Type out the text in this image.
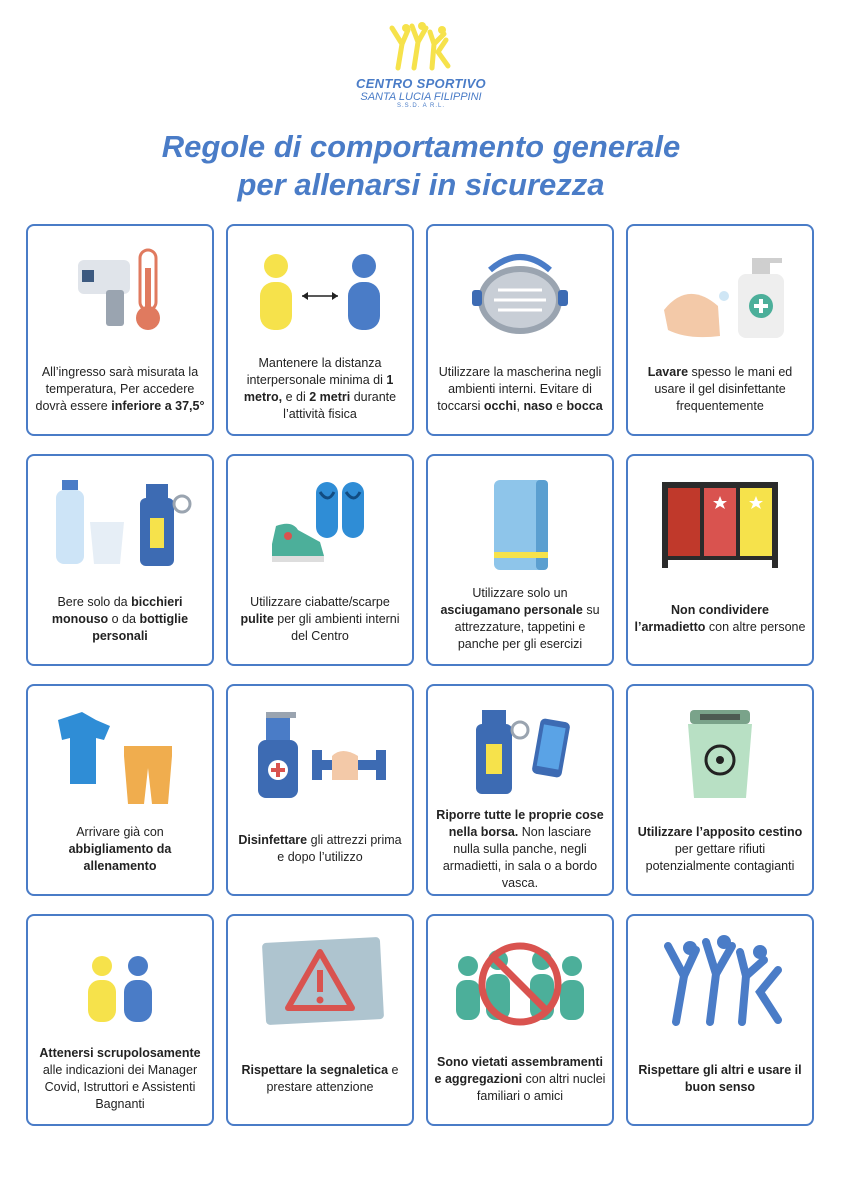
CENTRO SPORTIVO
SANTA LUCIA FILIPPINI
S.S.D. A R.L.
Regole di comportamento generale
per allenarsi in sicurezza
All’ingresso sarà misurata la temperatura, Per accedere dovrà essere inferiore a 37,5°
Mantenere la distanza interpersonale minima di 1 metro, e di 2 metri durante l’attività fisica
Utilizzare la mascherina negli ambienti interni. Evitare di toccarsi occhi, naso e bocca
Lavare spesso le mani ed usare il gel disinfettante frequentemente
Bere solo da bicchieri monouso o da bottiglie personali
Utilizzare ciabatte/scarpe pulite per gli ambienti interni del Centro
Utilizzare solo un asciugamano personale su attrezzature, tappetini e panche per gli esercizi
Non condividere l’armadietto con altre persone
Arrivare già con abbigliamento da allenamento
Disinfettare gli attrezzi prima e dopo l’utilizzo
Riporre tutte le proprie cose nella borsa. Non lasciare nulla sulla panche, negli armadietti, in sala o a bordo vasca.
Utilizzare l’apposito cestino per gettare rifiuti potenzialmente contagianti
Attenersi scrupolosamente alle indicazioni dei Manager Covid, Istruttori e Assistenti Bagnanti
Rispettare la segnaletica e prestare attenzione
Sono vietati assembramenti e aggregazioni con altri nuclei familiari o amici
Rispettare gli altri e usare il buon senso
